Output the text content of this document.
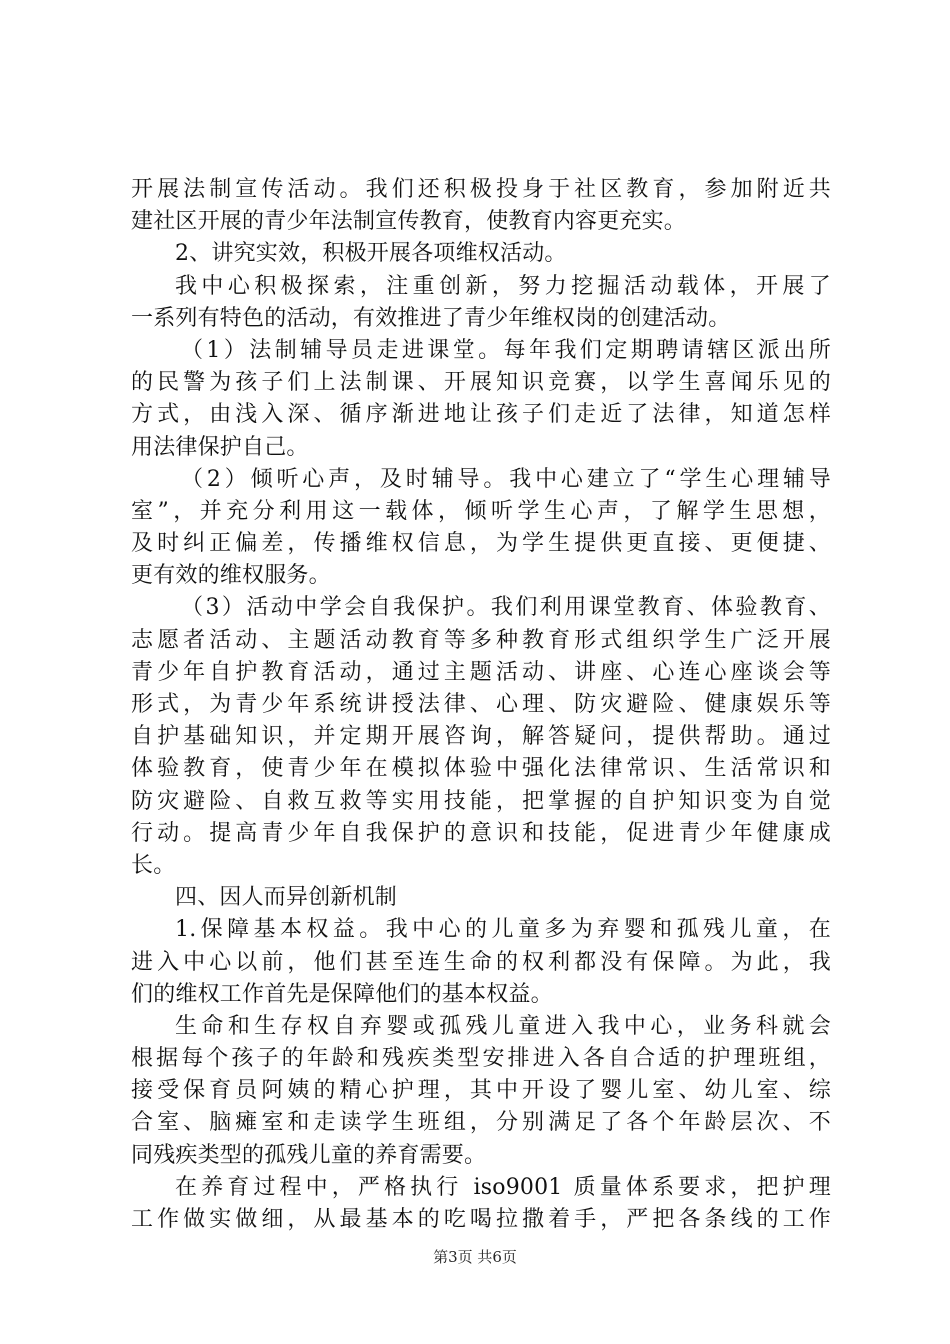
开展法制宣传活动。我们还积极投身于社区教育，参加附近共
建社区开展的青少年法制宣传教育，使教育内容更充实。
2、讲究实效，积极开展各项维权活动。
我中心积极探索，注重创新，努力挖掘活动载体，开展了
一系列有特色的活动，有效推进了青少年维权岗的创建活动。
（1）法制辅导员走进课堂。每年我们定期聘请辖区派出所
的民警为孩子们上法制课、开展知识竞赛，以学生喜闻乐见的
方式，由浅入深、循序渐进地让孩子们走近了法律，知道怎样
用法律保护自己。
（2）倾听心声，及时辅导。我中心建立了“学生心理辅导
室”，并充分利用这一载体，倾听学生心声，了解学生思想，
及时纠正偏差，传播维权信息，为学生提供更直接、更便捷、
更有效的维权服务。
（3）活动中学会自我保护。我们利用课堂教育、体验教育、
志愿者活动、主题活动教育等多种教育形式组织学生广泛开展
青少年自护教育活动，通过主题活动、讲座、心连心座谈会等
形式，为青少年系统讲授法律、心理、防灾避险、健康娱乐等
自护基础知识，并定期开展咨询，解答疑问，提供帮助。通过
体验教育，使青少年在模拟体验中强化法律常识、生活常识和
防灾避险、自救互救等实用技能，把掌握的自护知识变为自觉
行动。提高青少年自我保护的意识和技能，促进青少年健康成
长。
四、因人而异创新机制
1.保障基本权益。我中心的儿童多为弃婴和孤残儿童，在
进入中心以前，他们甚至连生命的权利都没有保障。为此，我
们的维权工作首先是保障他们的基本权益。
生命和生存权自弃婴或孤残儿童进入我中心，业务科就会
根据每个孩子的年龄和残疾类型安排进入各自合适的护理班组，
接受保育员阿姨的精心护理，其中开设了婴儿室、幼儿室、综
合室、脑瘫室和走读学生班组，分别满足了各个年龄层次、不
同残疾类型的孤残儿童的养育需要。
在养育过程中，严格执行 iso9001 质量体系要求，把护理
工作做实做细，从最基本的吃喝拉撒着手，严把各条线的工作
第3页 共6页
